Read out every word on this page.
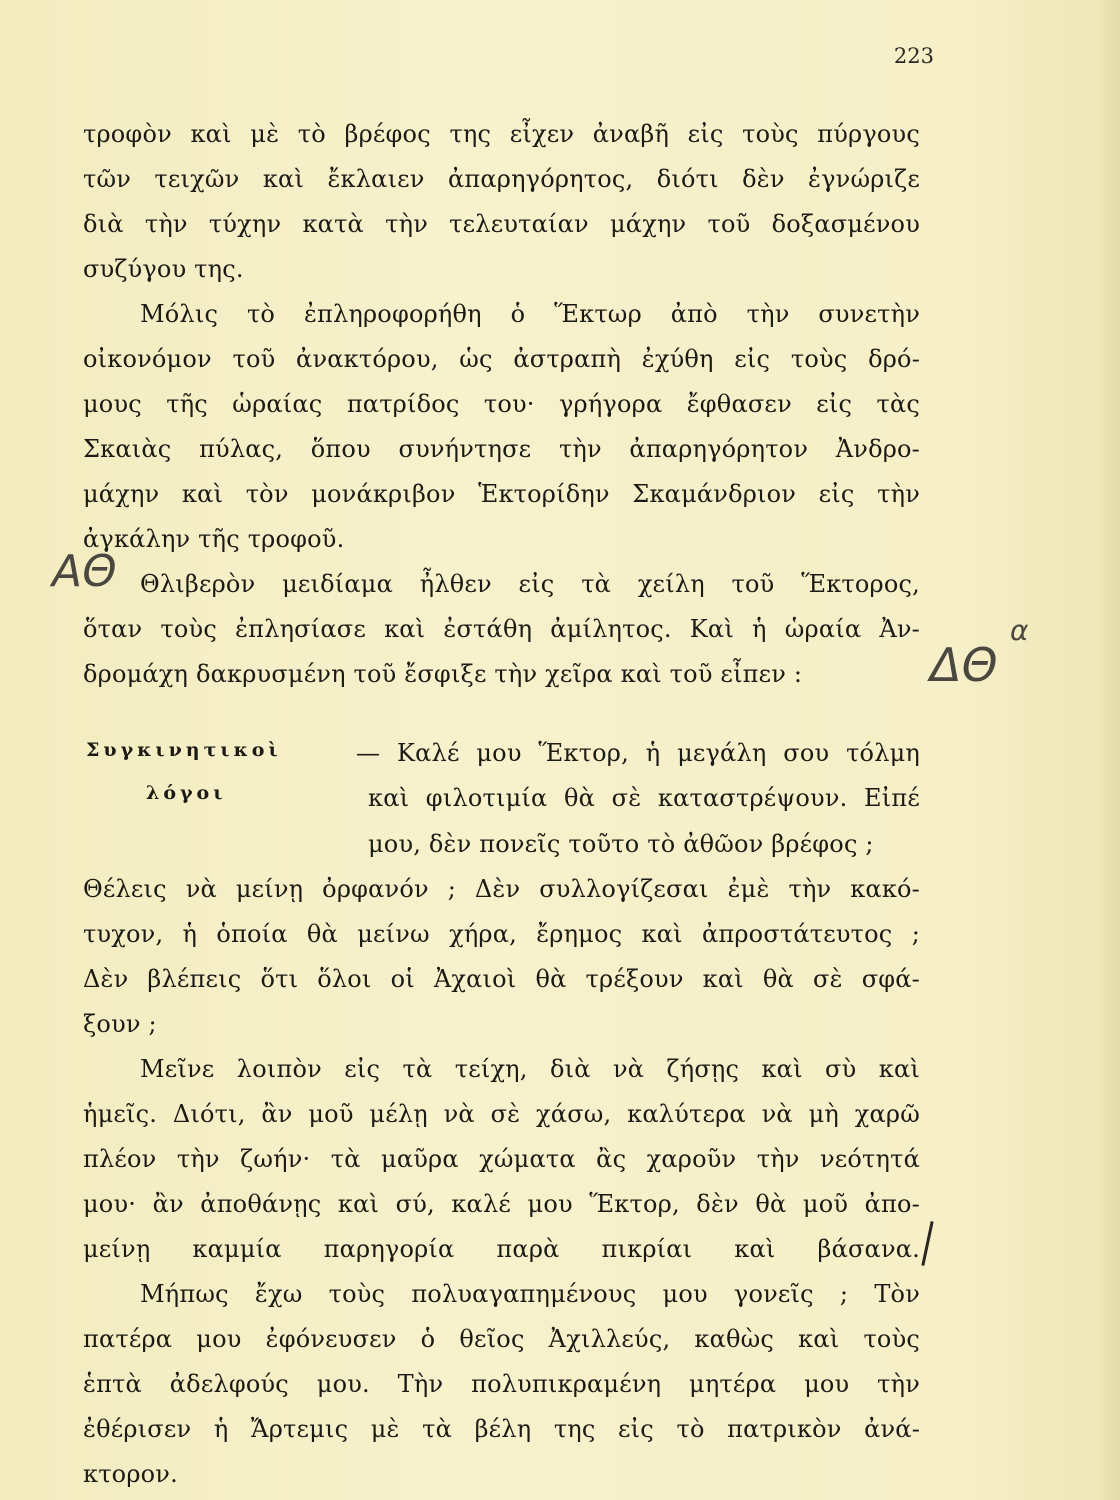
223
τροφὸν καὶ μὲ τὸ βρέφος της εἶχεν ἀναβῆ εἰς τοὺς πύργους
τῶν τειχῶν καὶ ἔκλαιεν ἀπαρηγόρητος, διότι δὲν ἐγνώριζε
διὰ τὴν τύχην κατὰ τὴν τελευταίαν μάχην τοῦ δοξασμένου
συζύγου της.
Μόλις τὸ ἐπληροφορήθη ὁ Ἕκτωρ ἀπὸ τὴν συνετὴν
οἰκονόμον τοῦ ἀνακτόρου, ὡς ἀστραπὴ ἐχύθη εἰς τοὺς δρό-
μους τῆς ὡραίας πατρίδος του· γρήγορα ἔφθασεν εἰς τὰς
Σκαιὰς πύλας, ὅπου συνήντησε τὴν ἀπαρηγόρητον Ἀνδρο-
μάχην καὶ τὸν μονάκριβον Ἑκτορίδην Σκαμάνδριον εἰς τὴν
ἀγκάλην τῆς τροφοῦ.
Θλιβερὸν μειδίαμα ἦλθεν εἰς τὰ χείλη τοῦ Ἕκτορος,
ΑΘ
ὅταν τοὺς ἐπλησίασε καὶ ἐστάθη ἀμίλητος. Καὶ ἡ ὡραία Ἀν-
δρομάχη δακρυσμένη τοῦ ἔσφιξε τὴν χεῖρα καὶ τοῦ εἶπεν :	ΔΘ
α
— Καλέ μου Ἕκτορ, ἡ μεγάλη σου τόλμη
Συγκινητικοὶ
καὶ φιλοτιμία θὰ σὲ καταστρέψουν. Εἰπέ
λόγοι
μου, δὲν πονεῖς τοῦτο τὸ ἀθῶον βρέφος ;
Θέλεις νὰ μείνῃ ὀρφανόν ; Δὲν συλλογίζεσαι ἐμὲ τὴν κακό-
τυχον, ἡ ὁποία θὰ μείνω χήρα, ἔρημος καὶ ἀπροστάτευτος ;
Δὲν βλέπεις ὅτι ὅλοι οἱ Ἀχαιοὶ θὰ τρέξουν καὶ θὰ σὲ σφά-
ξουν ;
Μεῖνε λοιπὸν εἰς τὰ τείχη, διὰ νὰ ζήσῃς καὶ σὺ καὶ
ἡμεῖς. Διότι, ἂν μοῦ μέλῃ νὰ σὲ χάσω, καλύτερα νὰ μὴ χαρῶ
πλέον τὴν ζωήν· τὰ μαῦρα χώματα ἂς χαροῦν τὴν νεότητά
μου· ἂν ἀποθάνῃς καὶ σύ, καλέ μου Ἕκτορ, δὲν θὰ μοῦ ἀπο-
μείνῃ καμμία παρηγορία παρὰ πικρίαι καὶ βάσανα.
Μήπως ἔχω τοὺς πολυαγαπημένους μου γονεῖς ; Τὸν
πατέρα μου ἐφόνευσεν ὁ θεῖος Ἀχιλλεύς, καθὼς καὶ τοὺς
ἑπτὰ ἀδελφούς μου. Τὴν πολυπικραμένη μητέρα μου τὴν
ἐθέρισεν ἡ Ἄρτεμις μὲ τὰ βέλη της εἰς τὸ πατρικὸν ἀνά-
κτορον.
